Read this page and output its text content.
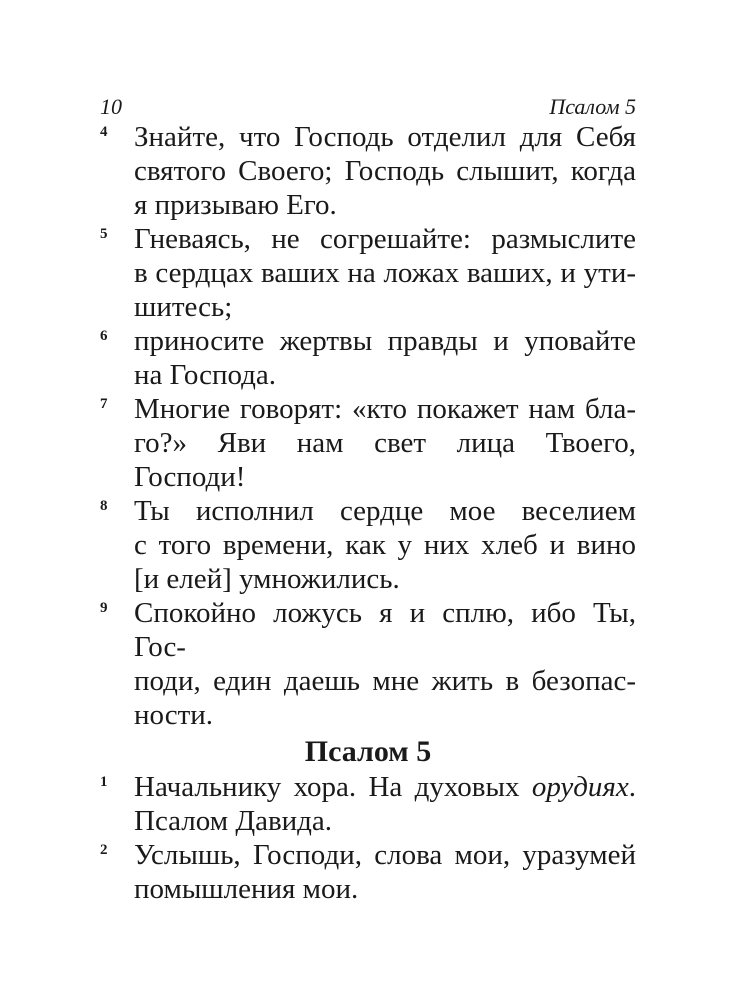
10	Псалом 5
4 Знайте, что Господь отделил для Себя
святого Своего; Господь слышит, когда
я призываю Его.
5 Гневаясь, не согрешайте: размыслите
в сердцах ваших на ложах ваших, и ути-
шитесь;
6 приносите жертвы правды и уповайте
на Господа.
7 Многие говорят: «кто покажет нам бла-
го?» Яви нам свет лица Твоего, Господи!
8 Ты исполнил сердце мое веселием
с того времени, как у них хлеб и вино
[и елей] умножились.
9 Спокойно ложусь я и сплю, ибо Ты, Гос-
поди, един даешь мне жить в безопас-
ности.
Псалом 5
1 Начальнику хора. На духовых орудиях.
Псалом Давида.
2 Услышь, Господи, слова мои, уразумей
помышления мои.
